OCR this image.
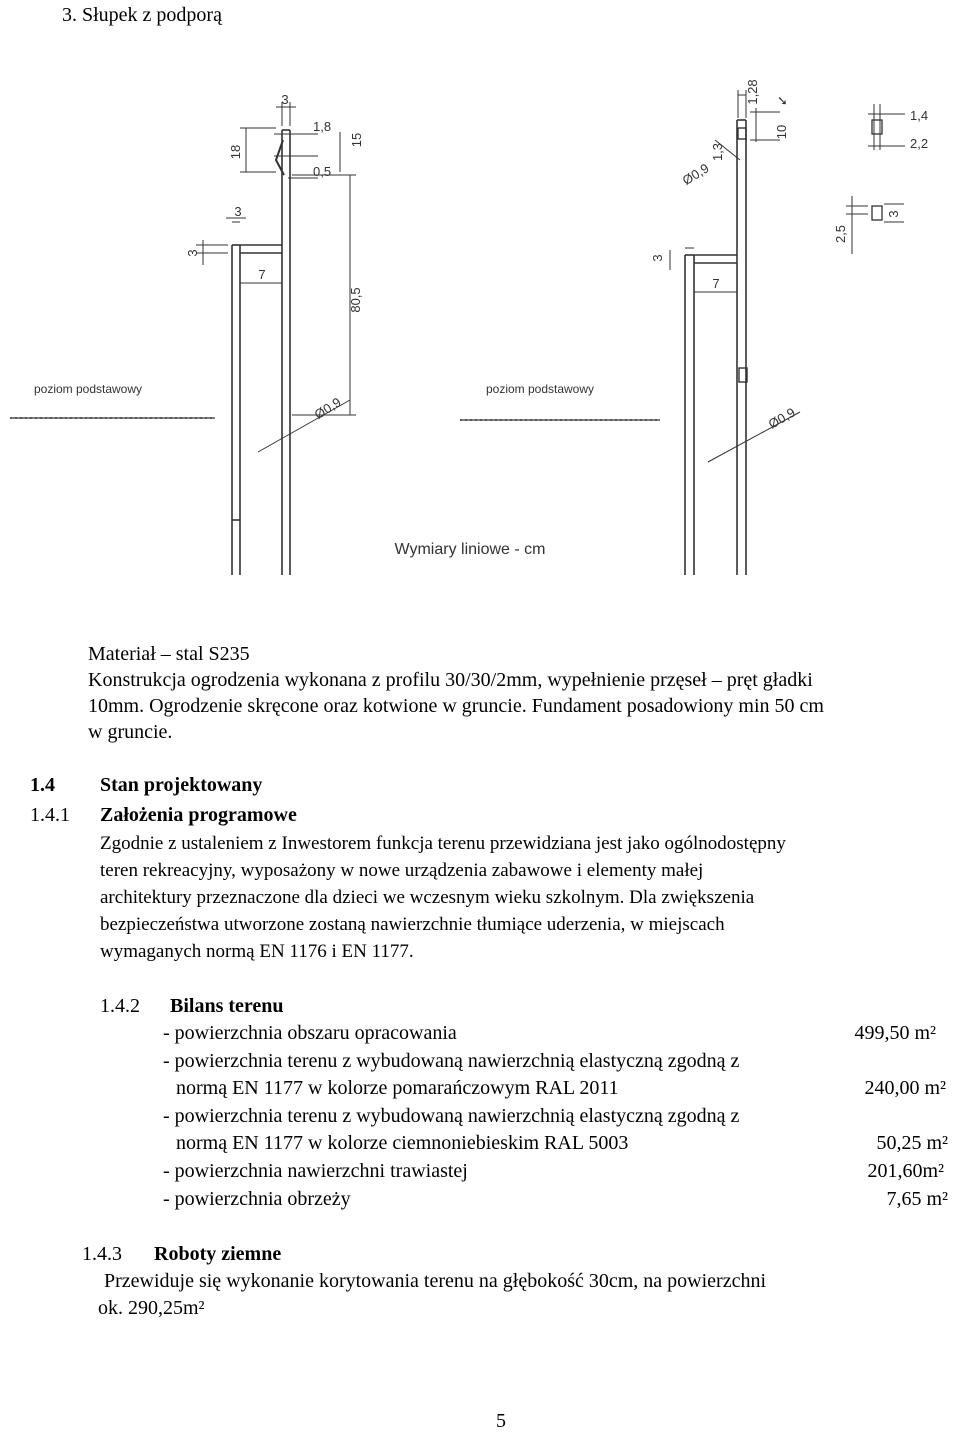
3. Słupek z podporą
3
1,8
0,5
18
15
3
3
7
80,5
Ø0,9
poziom podstawowy
1,28 ➘
10
1,3
Ø0,9
1,4
2,2
2,5
3
3
7
Ø0,9
poziom podstawowy
Wymiary liniowe - cm
Materiał – stal S235
Konstrukcja ogrodzenia wykonana z profilu 30/30/2mm, wypełnienie przęseł – pręt gładki
10mm. Ogrodzenie skręcone oraz kotwione w gruncie. Fundament posadowiony min 50 cm
w gruncie.
1.4 Stan projektowany
1.4.1 Założenia programowe
Zgodnie z ustaleniem z Inwestorem funkcja terenu przewidziana jest jako ogólnodostępny
teren rekreacyjny, wyposażony w nowe urządzenia zabawowe i elementy małej
architektury przeznaczone dla dzieci we wczesnym wieku szkolnym. Dla zwiększenia
bezpieczeństwa utworzone zostaną nawierzchnie tłumiące uderzenia, w miejscach
wymaganych normą EN 1176 i EN 1177.
1.4.2 Bilans terenu
- powierzchnia obszaru opracowania	499,50 m²
- powierzchnia terenu z wybudowaną nawierzchnią elastyczną zgodną z
normą EN 1177 w kolorze pomarańczowym RAL 2011	240,00 m²
- powierzchnia terenu z wybudowaną nawierzchnią elastyczną zgodną z
normą EN 1177 w kolorze ciemnoniebieskim RAL 5003	50,25 m²
- powierzchnia nawierzchni trawiastej	201,60m²
- powierzchnia obrzeży	7,65 m²
1.4.3 Roboty ziemne
Przewiduje się wykonanie korytowania terenu na głębokość 30cm, na powierzchni
ok. 290,25m²
5
